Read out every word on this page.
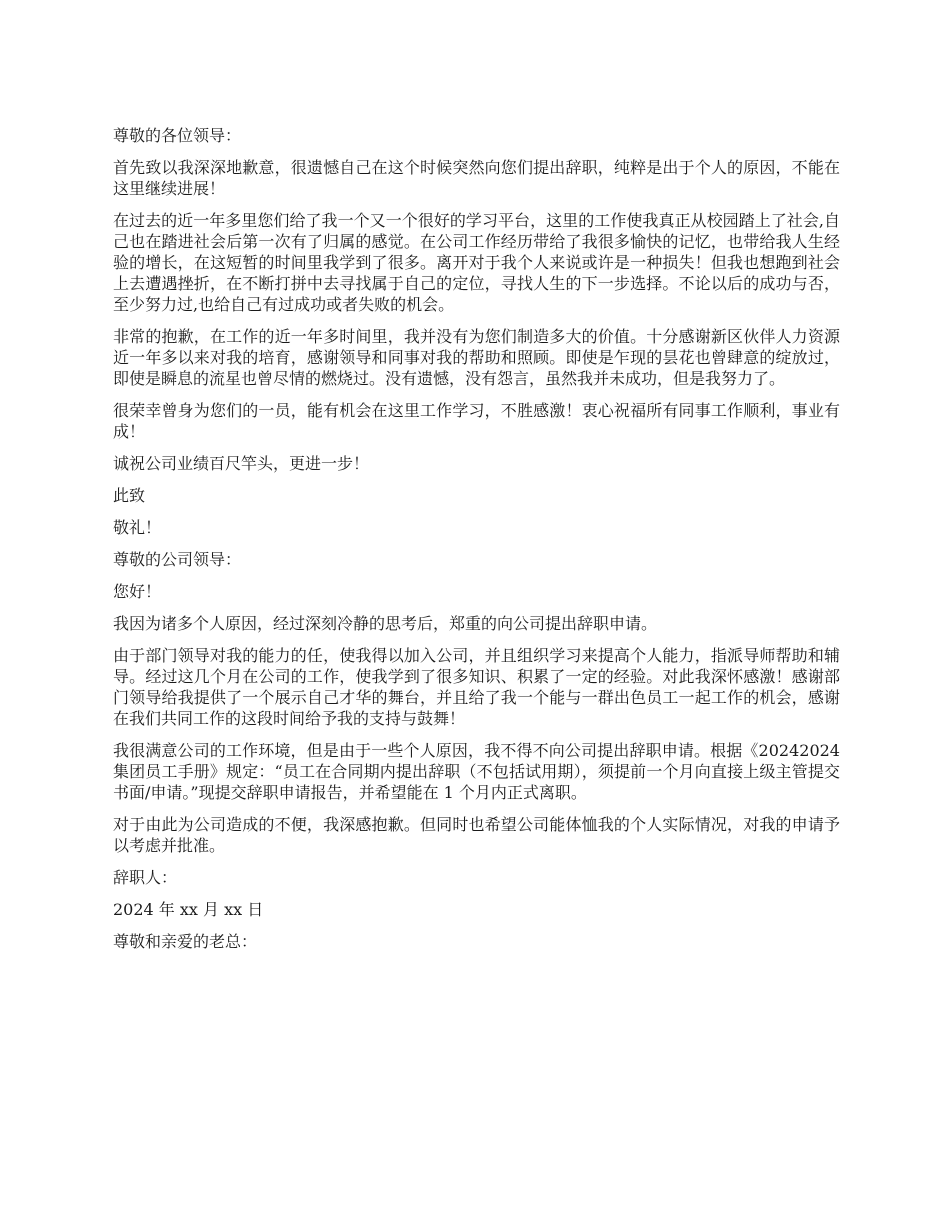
尊敬的各位领导：

首先致以我深深地歉意，很遗憾自己在这个时候突然向您们提出辞职，纯粹是出于个人的原因，不能在这里继续进展！

在过去的近一年多里您们给了我一个又一个很好的学习平台，这里的工作使我真正从校园踏上了社会,自己也在踏进社会后第一次有了归属的感觉。在公司工作经历带给了我很多愉快的记忆，也带给我人生经验的增长，在这短暂的时间里我学到了很多。离开对于我个人来说或许是一种损失！但我也想跑到社会上去遭遇挫折，在不断打拼中去寻找属于自己的定位，寻找人生的下一步选择。不论以后的成功与否，至少努力过,也给自己有过成功或者失败的机会。

非常的抱歉，在工作的近一年多时间里，我并没有为您们制造多大的价值。十分感谢新区伙伴人力资源近一年多以来对我的培育，感谢领导和同事对我的帮助和照顾。即使是乍现的昙花也曾肆意的绽放过，即使是瞬息的流星也曾尽情的燃烧过。没有遗憾，没有怨言，虽然我并未成功，但是我努力了。

很荣幸曾身为您们的一员，能有机会在这里工作学习，不胜感激！衷心祝福所有同事工作顺利，事业有成！

诚祝公司业绩百尺竿头，更进一步！

此致

敬礼！

尊敬的公司领导：

您好！

我因为诸多个人原因，经过深刻冷静的思考后，郑重的向公司提出辞职申请。

由于部门领导对我的能力的任，使我得以加入公司，并且组织学习来提高个人能力，指派导师帮助和辅导。经过这几个月在公司的工作，使我学到了很多知识、积累了一定的经验。对此我深怀感激！感谢部门领导给我提供了一个展示自己才华的舞台，并且给了我一个能与一群出色员工一起工作的机会，感谢在我们共同工作的这段时间给予我的支持与鼓舞！

我很满意公司的工作环境，但是由于一些个人原因，我不得不向公司提出辞职申请。根据《20242024 集团员工手册》规定：“员工在合同期内提出辞职（不包括试用期），须提前一个月向直接上级主管提交书面/申请。”现提交辞职申请报告，并希望能在 1 个月内正式离职。

对于由此为公司造成的不便，我深感抱歉。但同时也希望公司能体恤我的个人实际情况，对我的申请予以考虑并批准。

辞职人：

2024 年 xx 月 xx 日

尊敬和亲爱的老总：
